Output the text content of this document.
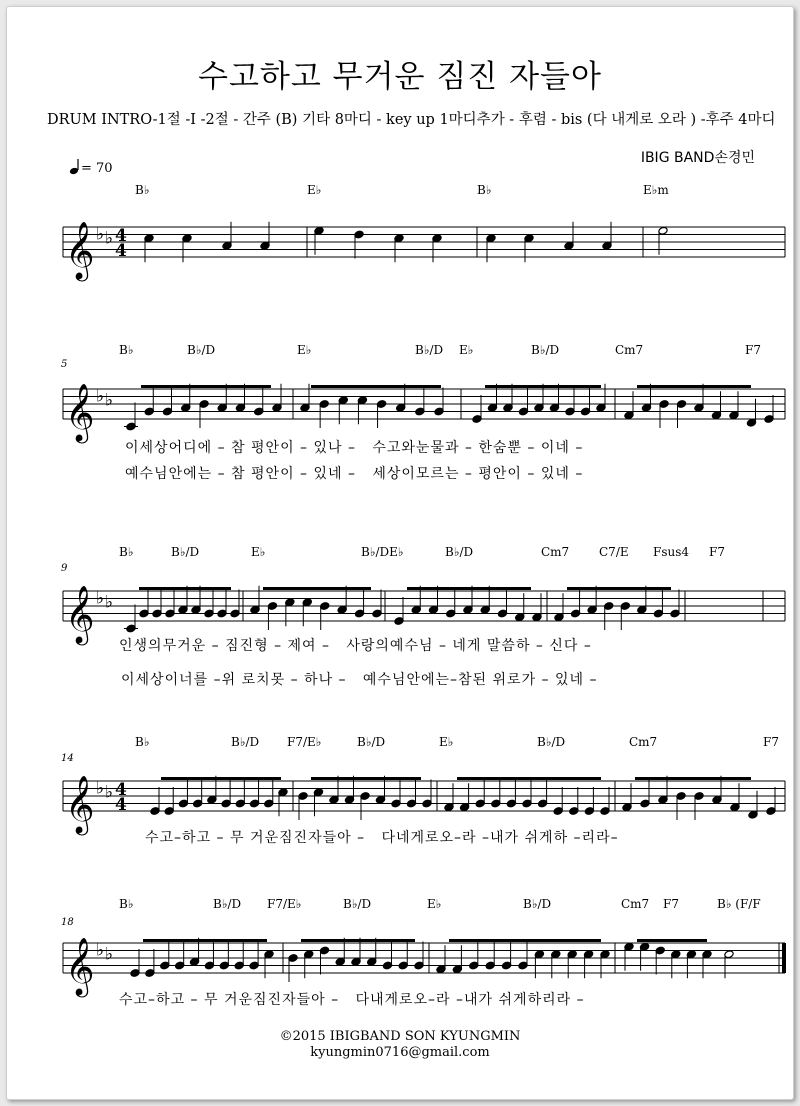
수고하고 무거운 짐진 자들아
DRUM INTRO-1절 -I -2절 - 간주 (B) 기타 8마디 - key up 1마디추가 - 후렴 - bis (다 내게로 오라 ) -후주 4마디
IBIG BAND손경민
= 70
B♭	E♭	B♭	E♭m
𝄞 ♭ ♭ 4
4
5
B♭	B♭/D	E♭	B♭/D E♭	B♭/D	Cm7	F7
𝄞 ♭ ♭
이세상어디에 – 참 평안이 – 있나 –   수고와눈물과 – 한숨뿐 – 이네 –
예수님안에는 – 참 평안이 – 있네 –   세상이모르는 – 평안이 – 있네 –
9
B♭	B♭/D	E♭	B♭/DE♭	B♭/D	Cm7 C7/E Fsus4 F7
𝄞 ♭ ♭
인생의무거운 – 짐진형 – 제여 –   사랑의예수님 – 네게 말씀하 – 신다 –
이세상이너를 –위 로치못 – 하나 –   예수님안에는–참된 위로가 – 있네 –
14
B♭	B♭/D F7/E♭	B♭/D	E♭	B♭/D	Cm7	F7
𝄞 ♭ ♭ 4
4
수고–하고 – 무 거운짐진자들아 –   다네게로오–라 –내가 쉬게하 –리라–
18
B♭	B♭/D F7/E♭	B♭/D	E♭	B♭/D	Cm7 F7	B♭ (F/F
𝄞 ♭ ♭
수고–하고 – 무 거운짐진자들아 –   다내게로오–라 –내가 쉬게하리라 –
©2015 IBIGBAND SON KYUNGMIN
kyungmin0716@gmail.com
